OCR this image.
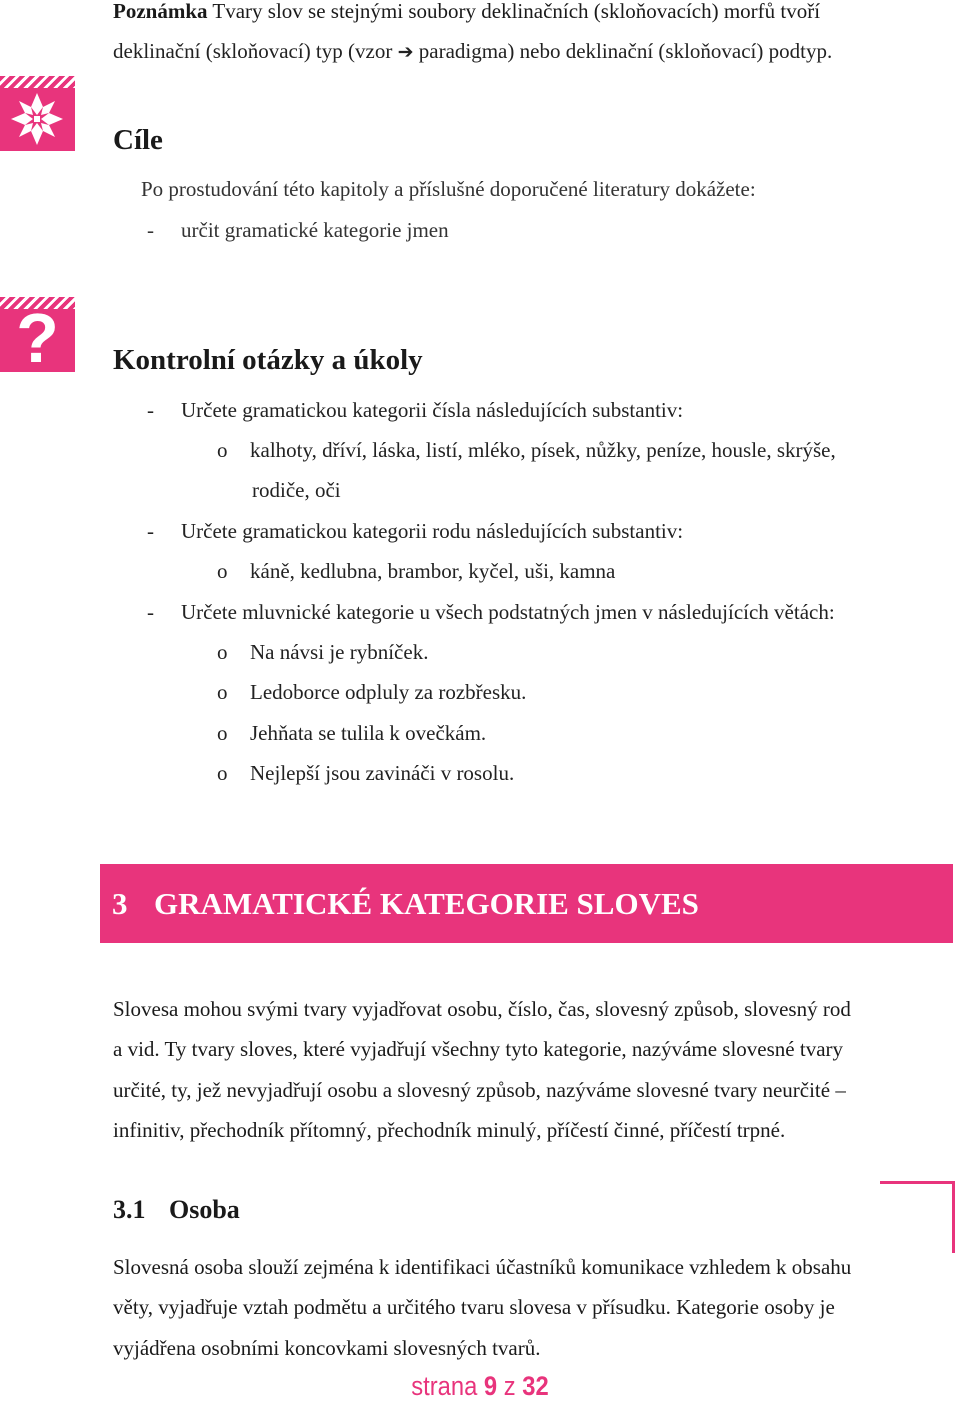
Poznámka Tvary slov se stejnými soubory deklinačních (skloňovacích) morfů tvoří
deklinační (skloňovací) typ (vzor ➔ paradigma) nebo deklinační (skloňovací) podtyp.
Cíle
Po prostudování této kapitoly a příslušné doporučené literatury dokážete:
- určit gramatické kategorie jmen
?	Kontrolní otázky a úkoly
- Určete gramatickou kategorii čísla následujících substantiv:
o kalhoty, dříví, láska, listí, mléko, písek, nůžky, peníze, housle, skrýše,
rodiče, oči
- Určete gramatickou kategorii rodu následujících substantiv:
o káně, kedlubna, brambor, kyčel, uši, kamna
- Určete mluvnické kategorie u všech podstatných jmen v následujících větách:
o Na návsi je rybníček.
o Ledoborce odpluly za rozbřesku.
o Jehňata se tulila k ovečkám.
o Nejlepší jsou zavináči v rosolu.
3 GRAMATICKÉ KATEGORIE SLOVES
Slovesa mohou svými tvary vyjadřovat osobu, číslo, čas, slovesný způsob, slovesný rod
a vid. Ty tvary sloves, které vyjadřují všechny tyto kategorie, nazýváme slovesné tvary
určité, ty, jež nevyjadřují osobu a slovesný způsob, nazýváme slovesné tvary neurčité –
infinitiv, přechodník přítomný, přechodník minulý, příčestí činné, příčestí trpné.
3.1 Osoba
Slovesná osoba slouží zejména k identifikaci účastníků komunikace vzhledem k obsahu
věty, vyjadřuje vztah podmětu a určitého tvaru slovesa v přísudku. Kategorie osoby je
vyjádřena osobními koncovkami slovesných tvarů.
strana 9 z 32
